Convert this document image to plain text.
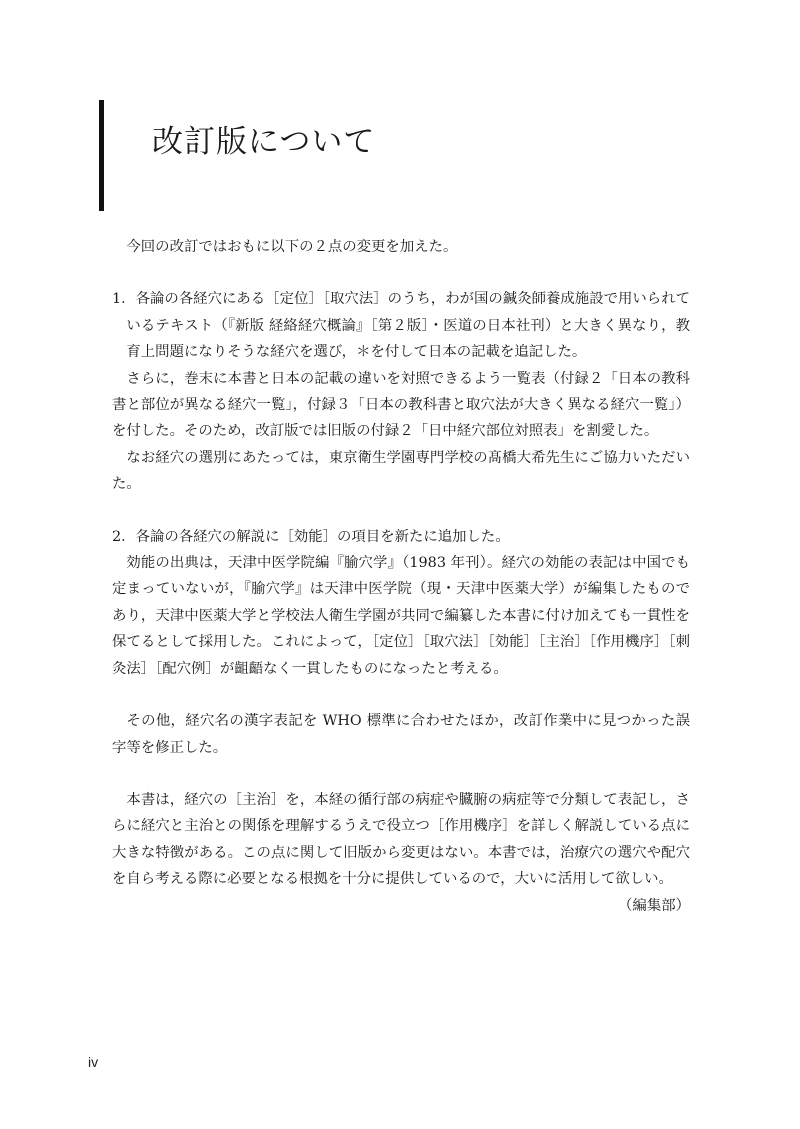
改訂版について

今回の改訂ではおもに以下の２点の変更を加えた。

1．各論の各経穴にある［定位］［取穴法］のうち，わが国の鍼灸師養成施設で用いられているテキスト（『新版 経絡経穴概論』［第２版］・医道の日本社刊）と大きく異なり，教育上問題になりそうな経穴を選び，＊を付して日本の記載を追記した。

さらに，巻末に本書と日本の記載の違いを対照できるよう一覧表（付録２「日本の教科書と部位が異なる経穴一覧」，付録３「日本の教科書と取穴法が大きく異なる経穴一覧」）を付した。そのため，改訂版では旧版の付録２「日中経穴部位対照表」を割愛した。

なお経穴の選別にあたっては，東京衛生学園専門学校の髙橋大希先生にご協力いただいた。

2．各論の各経穴の解説に［効能］の項目を新たに追加した。

効能の出典は，天津中医学院編『腧穴学』（1983 年刊）。経穴の効能の表記は中国でも定まっていないが，『腧穴学』は天津中医学院（現・天津中医薬大学）が編集したものであり，天津中医薬大学と学校法人衛生学園が共同で編纂した本書に付け加えても一貫性を保てるとして採用した。これによって，［定位］［取穴法］［効能］［主治］［作用機序］［刺灸法］［配穴例］が齟齬なく一貫したものになったと考える。

その他，経穴名の漢字表記を WHO 標準に合わせたほか，改訂作業中に見つかった誤字等を修正した。

本書は，経穴の［主治］を，本経の循行部の病症や臓腑の病症等で分類して表記し，さらに経穴と主治との関係を理解するうえで役立つ［作用機序］を詳しく解説している点に大きな特徴がある。この点に関して旧版から変更はない。本書では，治療穴の選穴や配穴を自ら考える際に必要となる根拠を十分に提供しているので，大いに活用して欲しい。

（編集部）

iv
